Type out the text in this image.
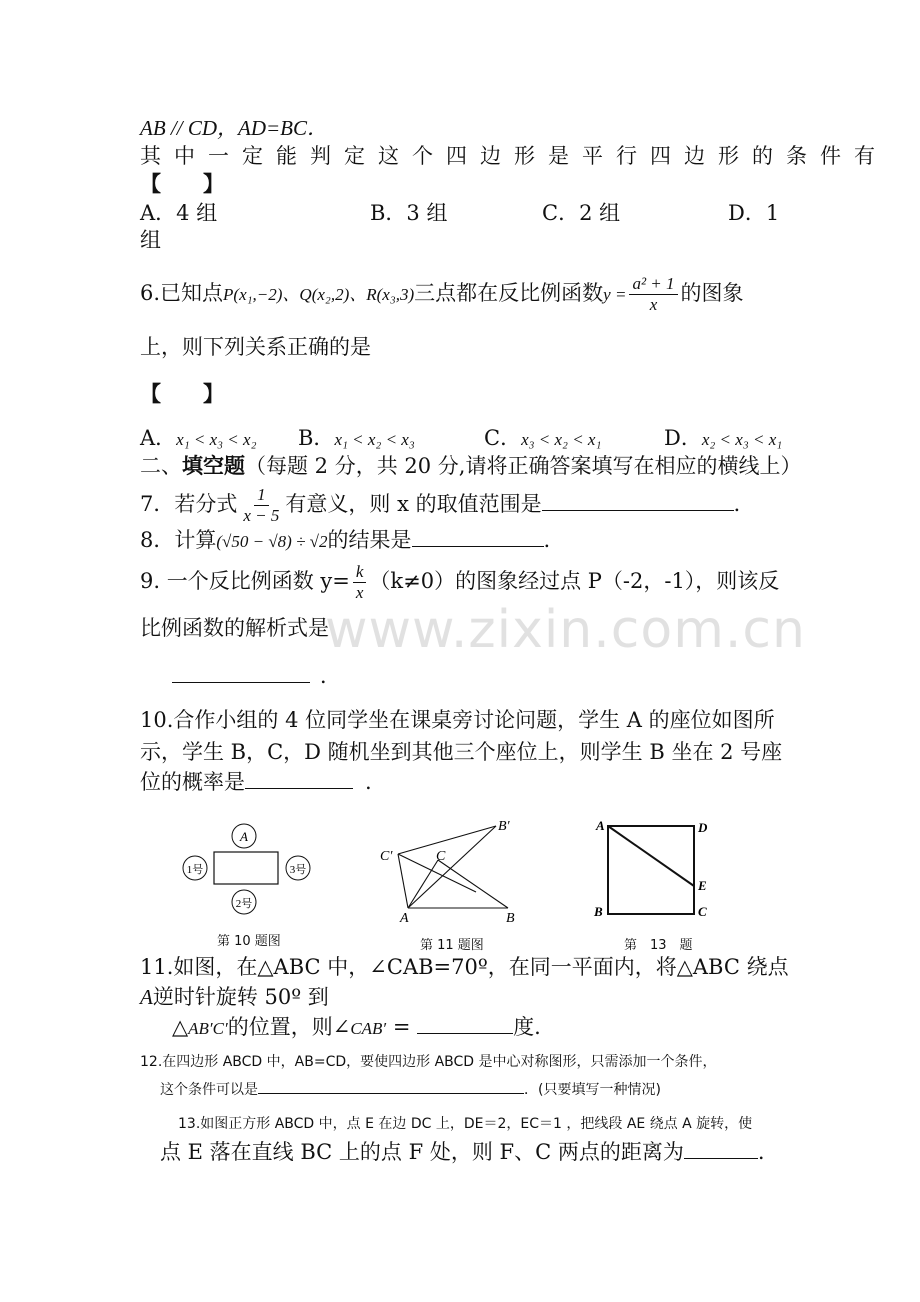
AB // CD，AD=BC．
其中一定能判定这个四边形是平行四边形的条件有
【　　】
A．4 组	B．3 组	C．2 组	D．1
组
6.已知点P(x₁,−2)、Q(x₂,2)、R(x₃,3)三点都在反比例函数$y = \frac{\text{a² + 1}}{x}$ 的图象
上，则下列关系正确的是
【　　】
A．x₁ < x₃ < x₂ B．x₁ < x₂ < x₃	C．x₃ < x₂ < x₁	D．x₂ < x₃ < x₁
二、填空题（每题 2 分，共 20 分,请将正确答案填写在相应的横线上）
7．若分式 $\frac{1}{x - 5}$ 有意义，则 x 的取值范围是	．
8．计算(√50 − √8) ÷ √2的结果是	.
9. 一个反比例函数 $y= \frac{k}{x} (k\ne 0)$的图象经过点 P（-2，-1），则该反
比例函数的解析式是
．
10.合作小组的 4 位同学坐在课桌旁讨论问题，学生 A 的座位如图所
示，学生 B，C，D 随机坐到其他三个座位上，则学生 B 坐在 2 号座
位的概率是	.
A
1号	3号
2号
第 10 题图
B′
C′	C
A	B
第 11 题图
A	D
E
B	C
第　13　题
11.如图，在△ABC 中，∠CAB=70º，在同一平面内，将△ABC 绕点
A逆时针旋转 50º 到
△AB′C′的位置，则∠CAB′ =	度.
12.在四边形 ABCD 中，AB=CD，要使四边形 ABCD 是中心对称图形，只需添加一个条件，
这个条件可以是	．(只要填写一种情况)
13.如图正方形 ABCD 中，点 E 在边 DC 上，DE＝2，EC＝1 ，把线段 AE 绕点 A 旋转，使
点 E 落在直线 BC 上的点 F 处，则 F、C 两点的距离为	.
www.zixin.com.cn
